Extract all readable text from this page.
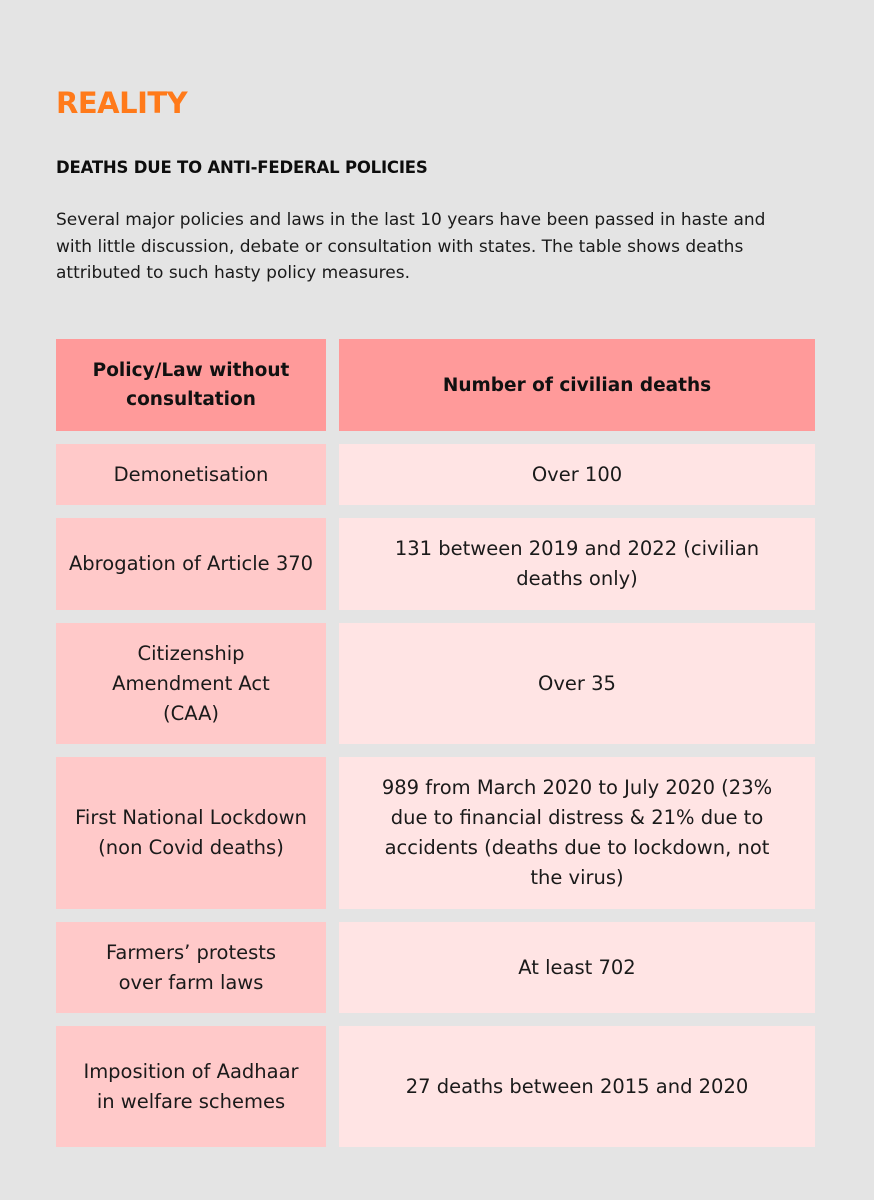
REALITY
DEATHS DUE TO ANTI-FEDERAL POLICIES

Several major policies and laws in the last 10 years have been passed in haste and with little discussion, debate or consultation with states. The table shows deaths attributed to such hasty policy measures.

Policy/Law without consultation
Number of civilian deaths
Demonetisation	Over 100
Abrogation of Article 370
131 between 2019 and 2022 (civilian deaths only)
Citizenship Amendment Act (CAA)
Over 35
First National Lockdown (non Covid deaths)
989 from March 2020 to July 2020 (23% due to financial distress & 21% due to accidents (deaths due to lockdown, not the virus)
Farmers’ protests over farm laws
At least 702
Imposition of Aadhaar in welfare schemes
27 deaths between 2015 and 2020
